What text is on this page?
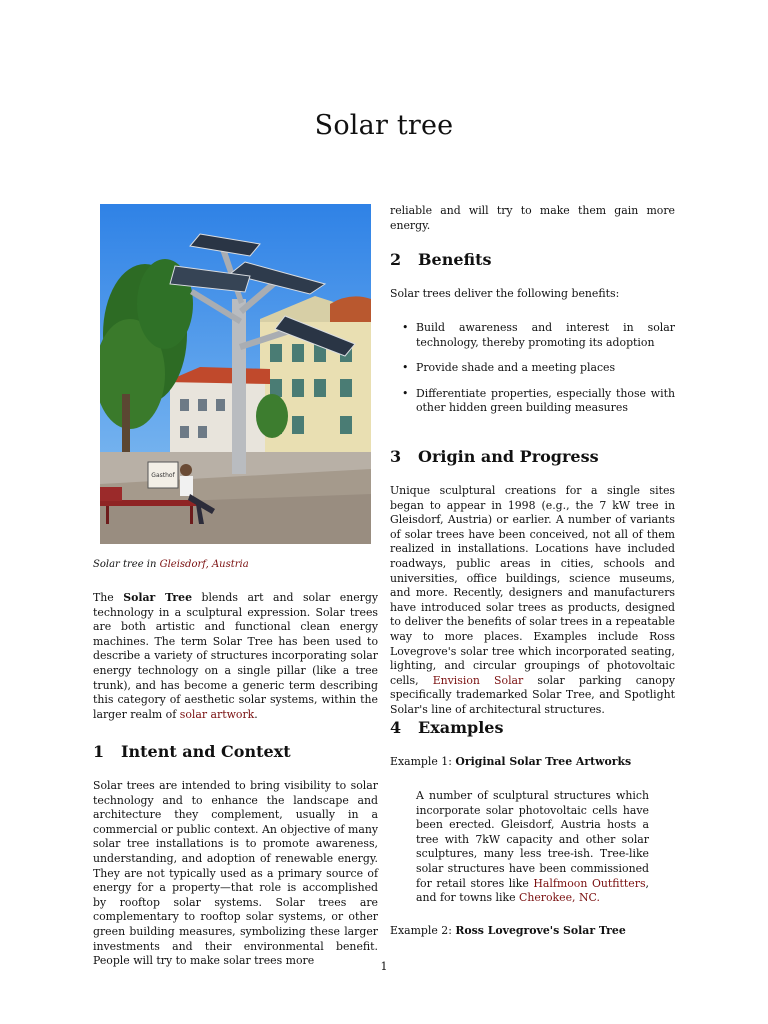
Solar tree
Gasthof
Solar tree in Gleisdorf, Austria

The Solar Tree blends art and solar energy technology in a sculptural expression. Solar trees are both artistic and functional clean energy machines. The term Solar Tree has been used to describe a variety of structures incorporating solar energy technology on a single pillar (like a tree trunk), and has become a generic term describing this category of aesthetic solar systems, within the larger realm of solar artwork.

1 Intent and Context

Solar trees are intended to bring visibility to solar technology and to enhance the landscape and architecture they complement, usually in a commercial or public context. An objective of many solar tree installations is to promote awareness, understanding, and adoption of renewable energy. They are not typically used as a primary source of energy for a property—that role is accomplished by rooftop solar systems. Solar trees are complementary to rooftop solar systems, or other green building measures, symbolizing these larger investments and their environmental benefit. People will try to make solar trees more

reliable and will try to make them gain more energy.

2 Benefits

Solar trees deliver the following benefits:

• Build awareness and interest in solar technology, thereby promoting its adoption
• Provide shade and a meeting places
• Differentiate properties, especially those with other hidden green building measures
3 Origin and Progress

Unique sculptural creations for a single sites began to appear in 1998 (e.g., the 7 kW tree in Gleisdorf, Austria) or earlier. A number of variants of solar trees have been conceived, not all of them realized in installations. Locations have included roadways, public areas in cities, schools and universities, office buildings, science museums, and more. Recently, designers and manufacturers have introduced solar trees as products, designed to deliver the benefits of solar trees in a repeatable way to more places. Examples include Ross Lovegrove's solar tree which incorporated seating, lighting, and circular groupings of photovoltaic cells, Envision Solar solar parking canopy specifically trademarked Solar Tree, and Spotlight Solar's line of architectural structures.

4 Examples
Example 1: Original Solar Tree Artworks

A number of sculptural structures which incorporate solar photovoltaic cells have been erected. Gleisdorf, Austria hosts a tree with 7kW capacity and other solar sculptures, many less tree-ish. Tree-like solar structures have been commissioned for retail stores like Halfmoon Outfitters, and for towns like Cherokee, NC.

Example 2: Ross Lovegrove's Solar Tree
1
